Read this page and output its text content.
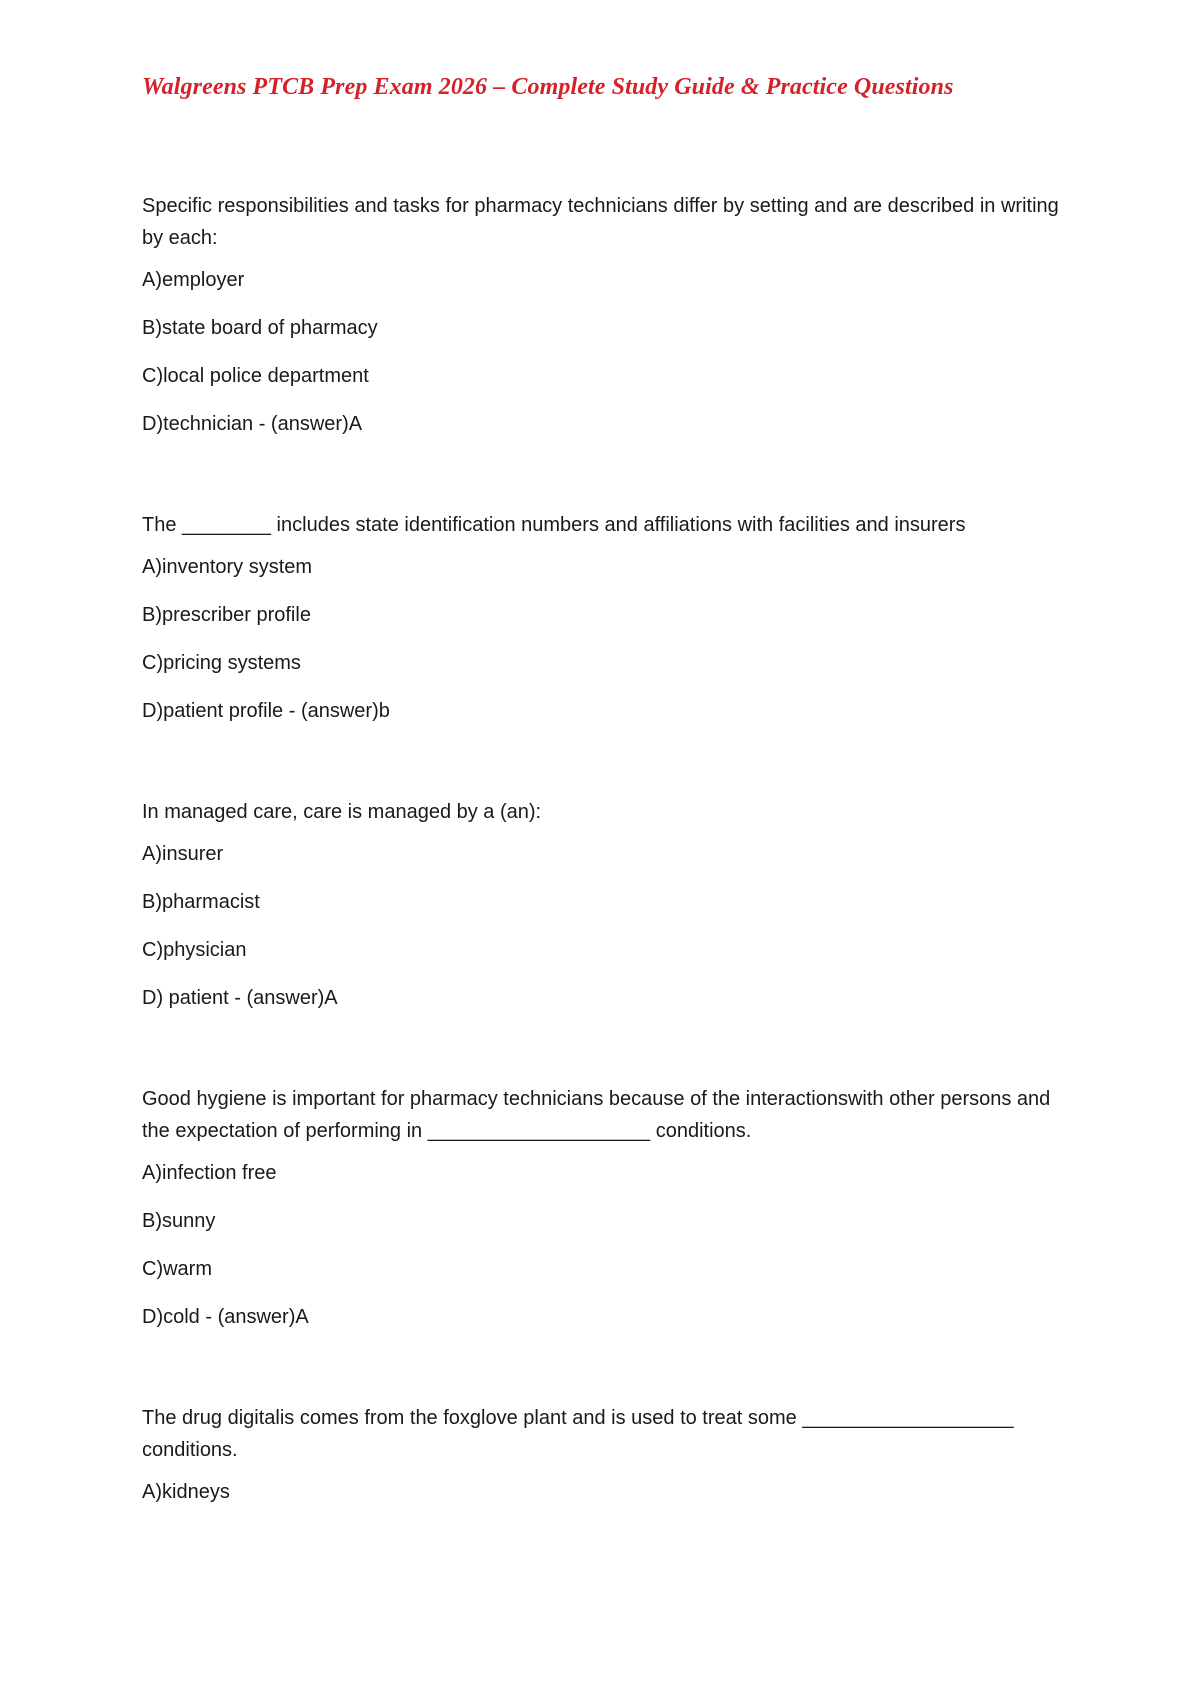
Walgreens PTCB Prep Exam 2026 – Complete Study Guide & Practice Questions

Specific responsibilities and tasks for pharmacy technicians differ by setting and are described in writing by each:

A)employer
B)state board of pharmacy
C)local police department
D)technician - (answer)A

The ________ includes state identification numbers and affiliations with facilities and insurers

A)inventory system
B)prescriber profile
C)pricing systems
D)patient profile - (answer)b

In managed care, care is managed by a (an):

A)insurer
B)pharmacist
C)physician
D) patient - (answer)A

Good hygiene is important for pharmacy technicians because of the interactionswith other persons and the expectation of performing in ____________________ conditions.

A)infection free
B)sunny
C)warm
D)cold - (answer)A

The drug digitalis comes from the foxglove plant and is used to treat some ___________________ conditions.

A)kidneys
